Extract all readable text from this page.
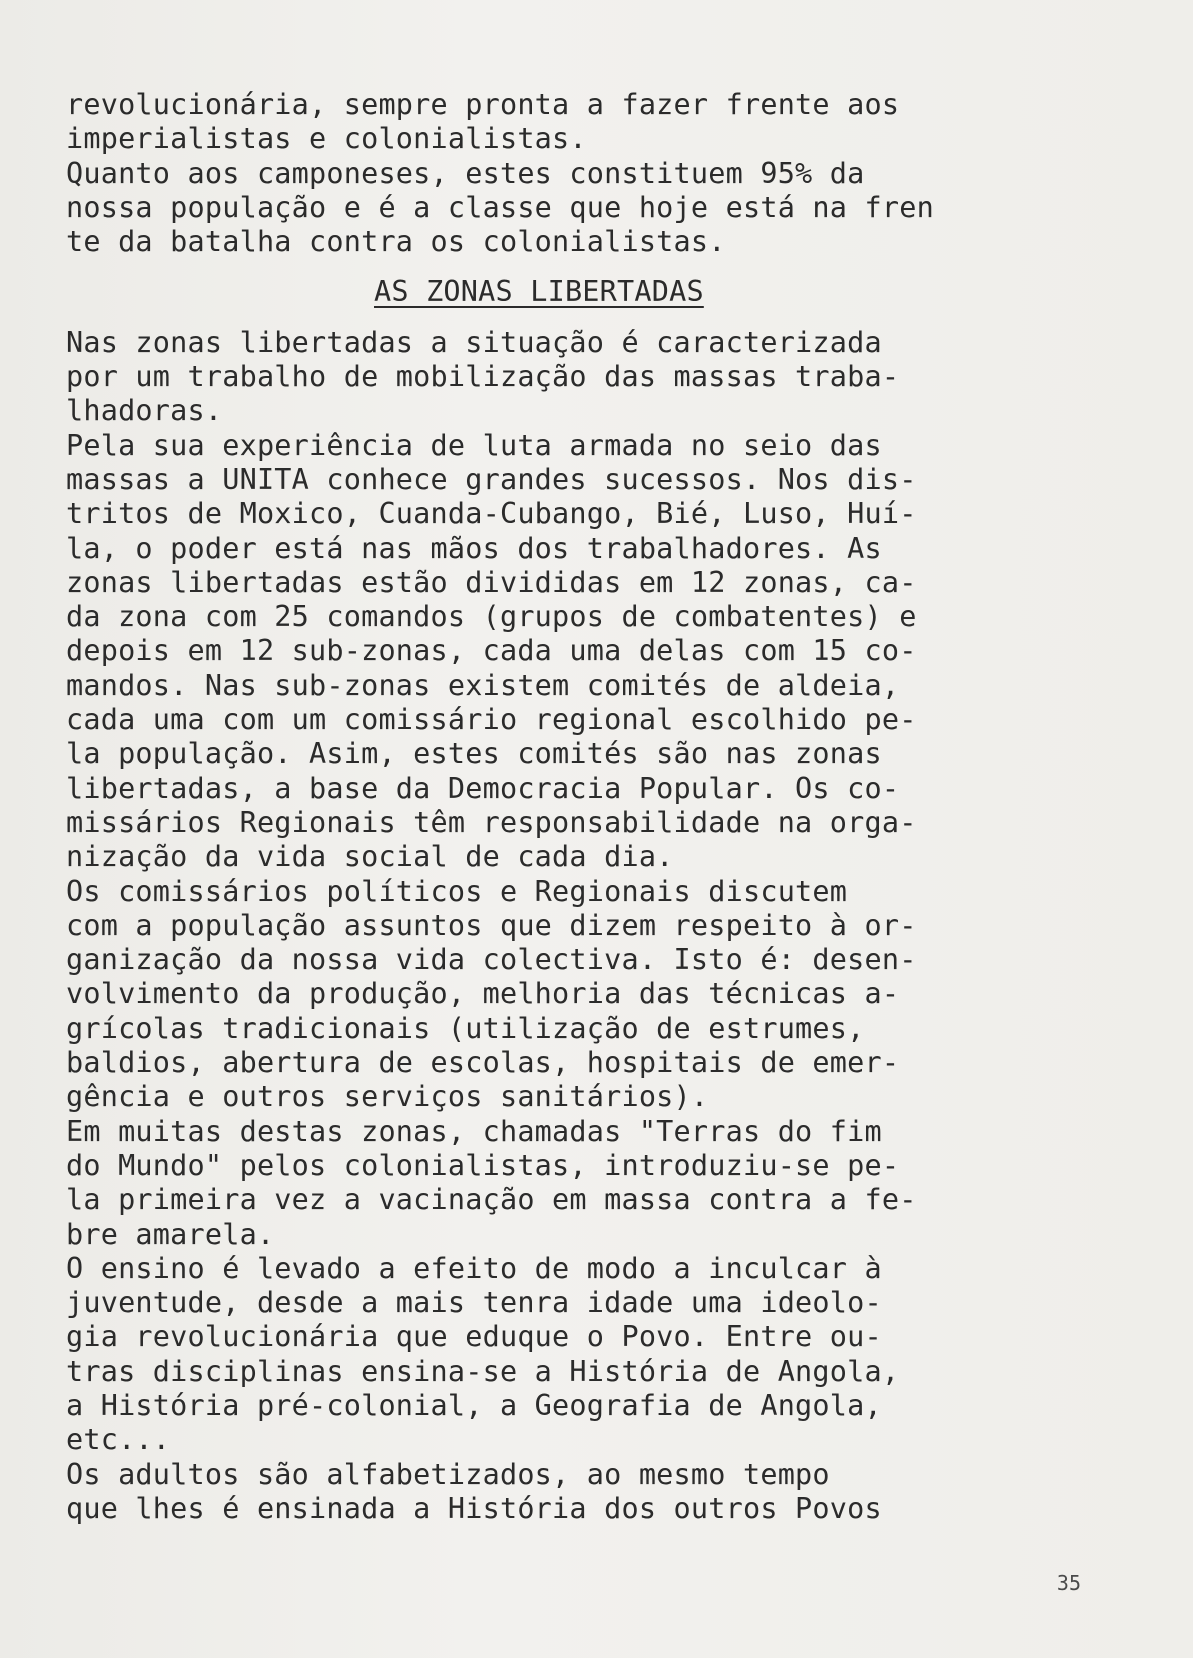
revolucionária, sempre pronta a fazer frente aos
imperialistas e colonialistas.
Quanto aos camponeses, estes constituem 95% da
nossa população e é a classe que hoje está na fren
te da batalha contra os colonialistas.
AS ZONAS LIBERTADAS
Nas zonas libertadas a situação é caracterizada
por um trabalho de mobilização das massas traba-
lhadoras.
Pela sua experiência de luta armada no seio das
massas a UNITA conhece grandes sucessos. Nos dis-
tritos de Moxico, Cuanda-Cubango, Bié, Luso, Huí-
la, o poder está nas mãos dos trabalhadores. As
zonas libertadas estão divididas em 12 zonas, ca-
da zona com 25 comandos (grupos de combatentes) e
depois em 12 sub-zonas, cada uma delas com 15 co-
mandos. Nas sub-zonas existem comités de aldeia,
cada uma com um comissário regional escolhido pe-
la população. Asim, estes comités são nas zonas
libertadas, a base da Democracia Popular. Os co-
missários Regionais têm responsabilidade na orga-
nização da vida social de cada dia.
Os comissários políticos e Regionais discutem
com a população assuntos que dizem respeito à or-
ganização da nossa vida colectiva. Isto é: desen-
volvimento da produção, melhoria das técnicas a-
grícolas tradicionais (utilização de estrumes,
baldios, abertura de escolas, hospitais de emer-
gência e outros serviços sanitários).
Em muitas destas zonas, chamadas "Terras do fim
do Mundo" pelos colonialistas, introduziu-se pe-
la primeira vez a vacinação em massa contra a fe-
bre amarela.
O ensino é levado a efeito de modo a inculcar à
juventude, desde a mais tenra idade uma ideolo-
gia revolucionária que eduque o Povo. Entre ou-
tras disciplinas ensina-se a História de Angola,
a História pré-colonial, a Geografia de Angola,
etc...
Os adultos são alfabetizados, ao mesmo tempo
que lhes é ensinada a História dos outros Povos
35
